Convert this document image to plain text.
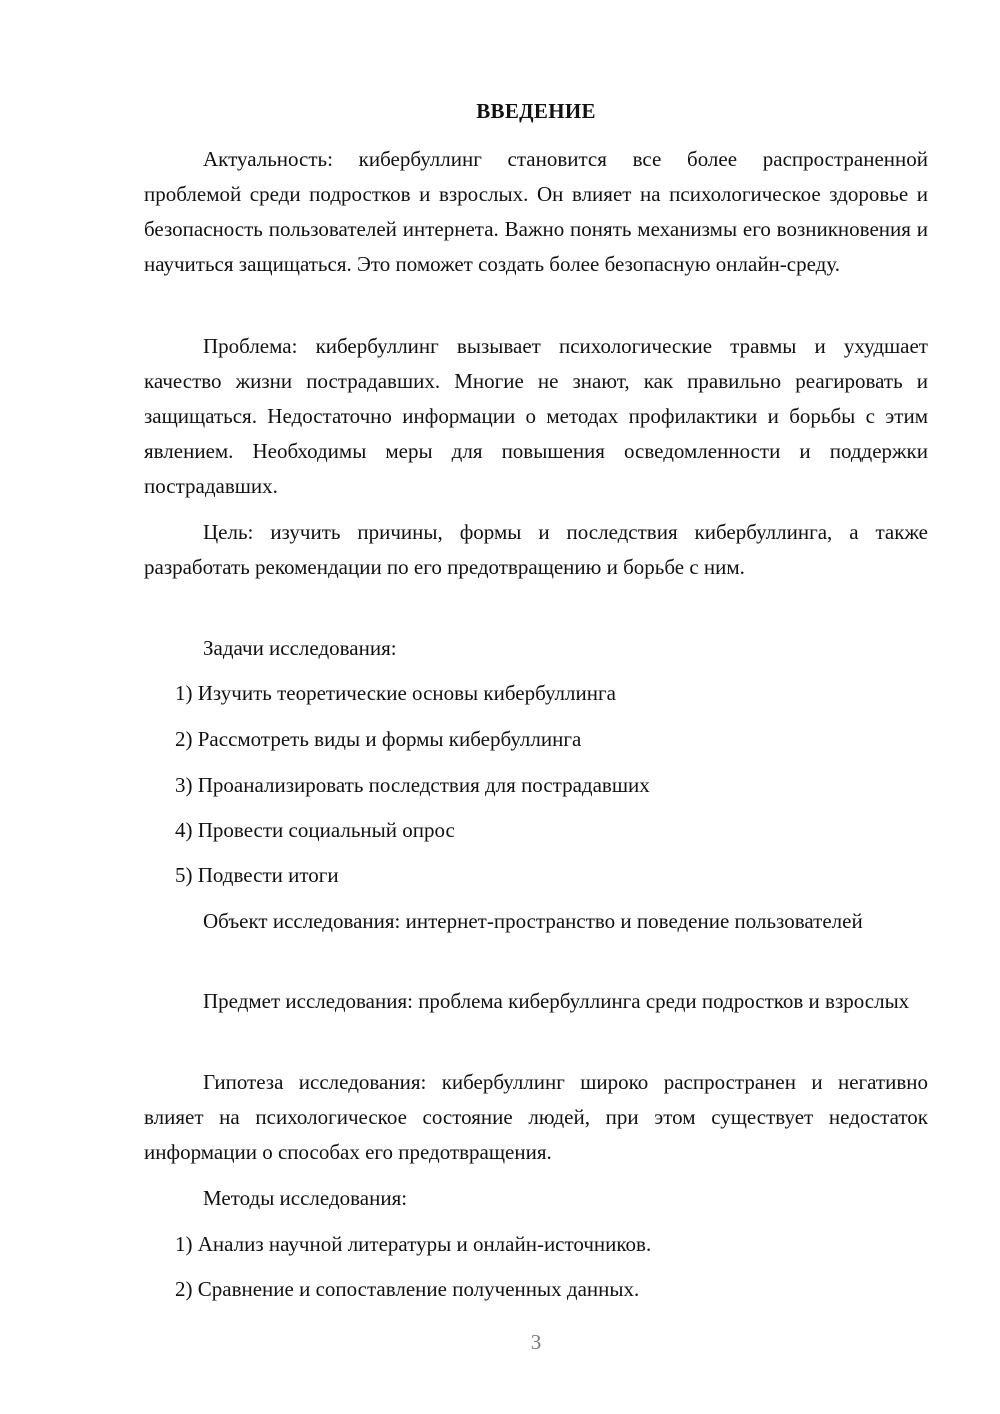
ВВЕДЕНИЕ

Актуальность: кибербуллинг становится все более распространенной проблемой среди подростков и взрослых. Он влияет на психологическое здоровье и безопасность пользователей интернета. Важно понять механизмы его возникновения и научиться защищаться. Это поможет создать более безопасную онлайн-среду.

Проблема: кибербуллинг вызывает психологические травмы и ухудшает качество жизни пострадавших. Многие не знают, как правильно реагировать и защищаться. Недостаточно информации о методах профилактики и борьбы с этим явлением. Необходимы меры для повышения осведомленности и поддержки пострадавших.

Цель: изучить причины, формы и последствия кибербуллинга, а также разработать рекомендации по его предотвращению и борьбе с ним.

Задачи исследования:

1) Изучить теоретические основы кибербуллинга

2) Рассмотреть виды и формы кибербуллинга

3) Проанализировать последствия для пострадавших

4) Провести социальный опрос

5) Подвести итоги

Объект исследования: интернет-пространство и поведение пользователей

Предмет исследования: проблема кибербуллинга среди подростков и взрослых

Гипотеза исследования: кибербуллинг широко распространен и негативно влияет на психологическое состояние людей, при этом существует недостаток информации о способах его предотвращения.

Методы исследования:

1) Анализ научной литературы и онлайн-источников.

2) Сравнение и сопоставление полученных данных.

3
